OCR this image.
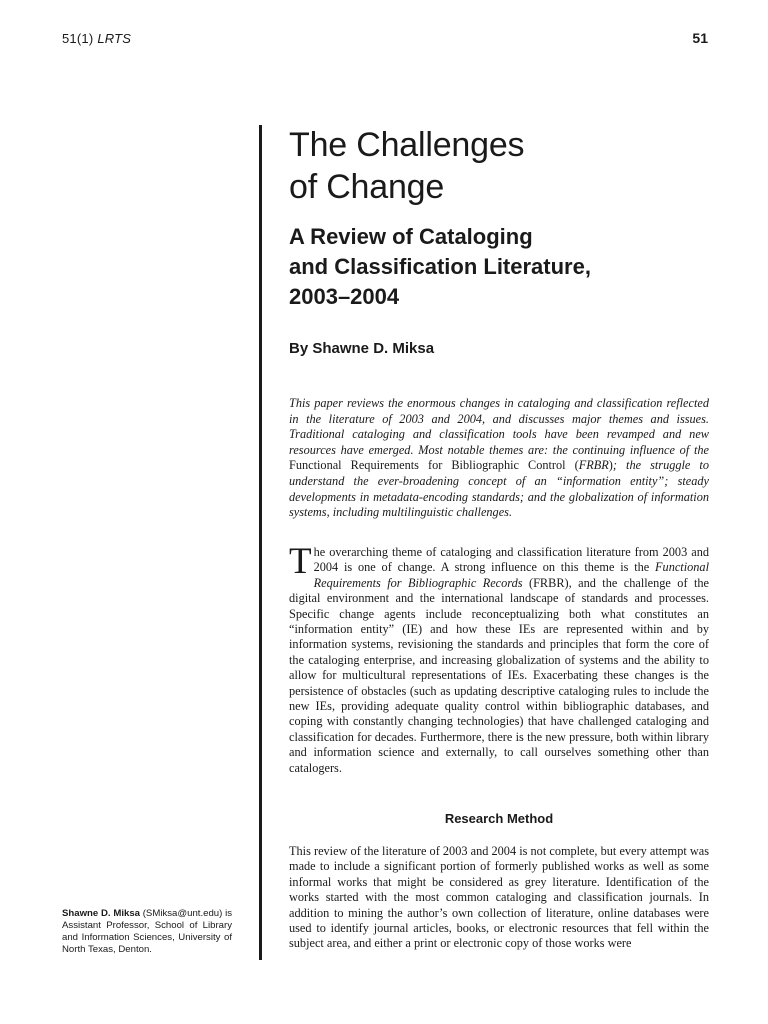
51(1) LRTS	51
The Challenges
of Change
A Review of Cataloging
and Classification Literature,
2003–2004

By Shawne D. Miksa

This paper reviews the enormous changes in cataloging and classification reflected in the literature of 2003 and 2004, and discusses major themes and issues. Traditional cataloging and classification tools have been revamped and new resources have emerged. Most notable themes are: the continuing influence of the Functional Requirements for Bibliographic Control (FRBR); the struggle to understand the ever-broadening concept of an “information entity”; steady developments in metadata-encoding standards; and the globalization of information systems, including multilinguistic challenges.

The overarching theme of cataloging and classification literature from 2003 and 2004 is one of change. A strong influence on this theme is the Functional Requirements for Bibliographic Records (FRBR), and the challenge of the digital environment and the international landscape of standards and processes. Specific change agents include reconceptualizing both what constitutes an “information entity” (IE) and how these IEs are represented within and by information systems, revisioning the standards and principles that form the core of the cataloging enterprise, and increasing globalization of systems and the ability to allow for multicultural representations of IEs. Exacerbating these changes is the persistence of obstacles (such as updating descriptive cataloging rules to include the new IEs, providing adequate quality control within bibliographic databases, and coping with constantly changing technologies) that have challenged cataloging and classification for decades. Furthermore, there is the new pressure, both within library and information science and externally, to call ourselves something other than catalogers.

Research Method

This review of the literature of 2003 and 2004 is not complete, but every attempt was made to include a significant portion of formerly published works as well as some informal works that might be considered as grey literature. Identification of the works started with the most common cataloging and classification journals. In addition to mining the author’s own collection of literature, online databases were used to identify journal articles, books, or electronic resources that fell within the subject area, and either a print or electronic copy of those works were

Shawne D. Miksa (SMiksa@unt.edu) is Assistant Professor, School of Library and Information Sciences, University of North Texas, Denton.
